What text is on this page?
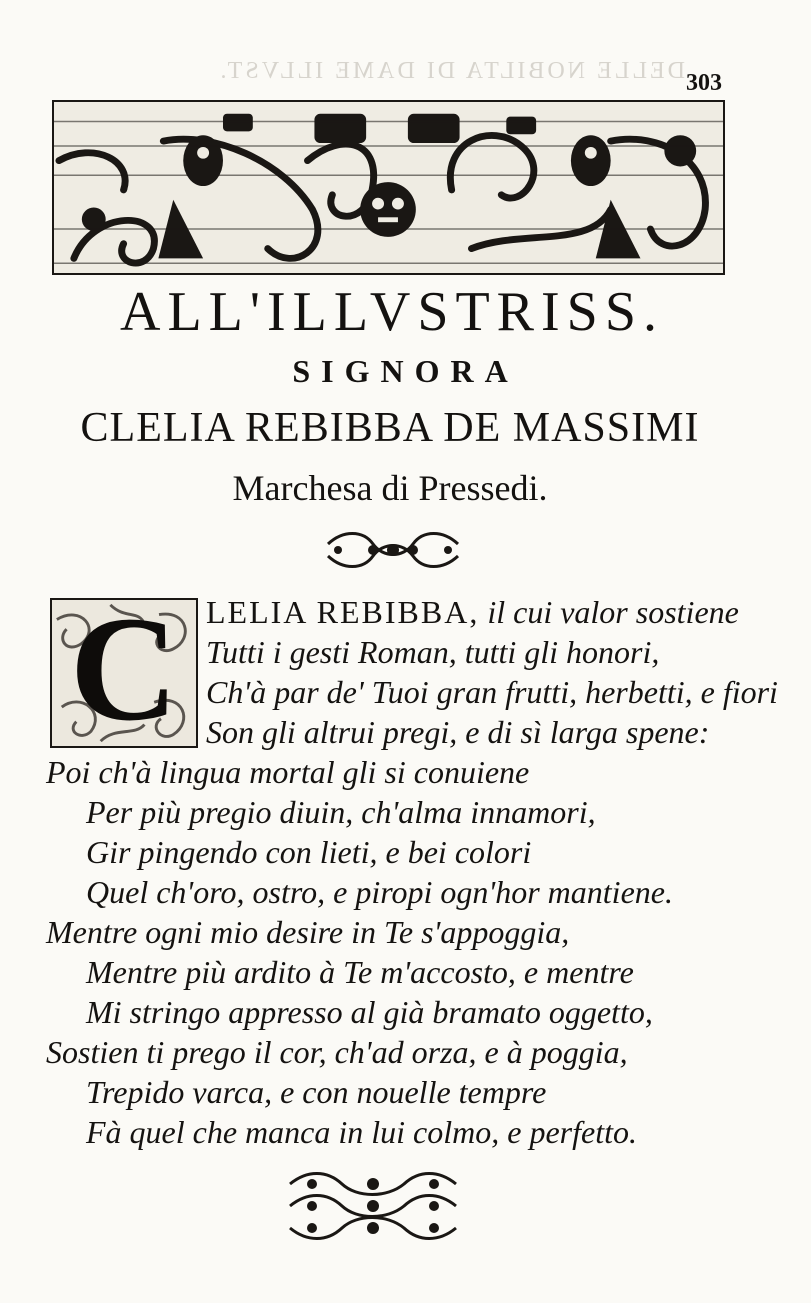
DELLE NOBILTA DI DAME ILLVST. 303
ALL'ILLVSTRISS.
SIGNORA
CLELIA REBIBBA DE MASSIMI
Marchesa di Pressedi.
C LELIA REBIBBA, il cui valor sostiene
Tutti i gesti Roman, tutti gli honori,
Ch'à par de' Tuoi gran frutti, herbetti, e fiori
Son gli altrui pregi, e di sì larga spene:
Poi ch'à lingua mortal gli si conuiene
Per più pregio diuin, ch'alma innamori,
Gir pingendo con lieti, e bei colori
Quel ch'oro, ostro, e piropi ogn'hor mantiene.
Mentre ogni mio desire in Te s'appoggia,
Mentre più ardito à Te m'accosto, e mentre
Mi stringo appresso al già bramato oggetto,
Sostien ti prego il cor, ch'ad orza, e à poggia,
Trepido varca, e con nouelle tempre
Fà quel che manca in lui colmo, e perfetto.
